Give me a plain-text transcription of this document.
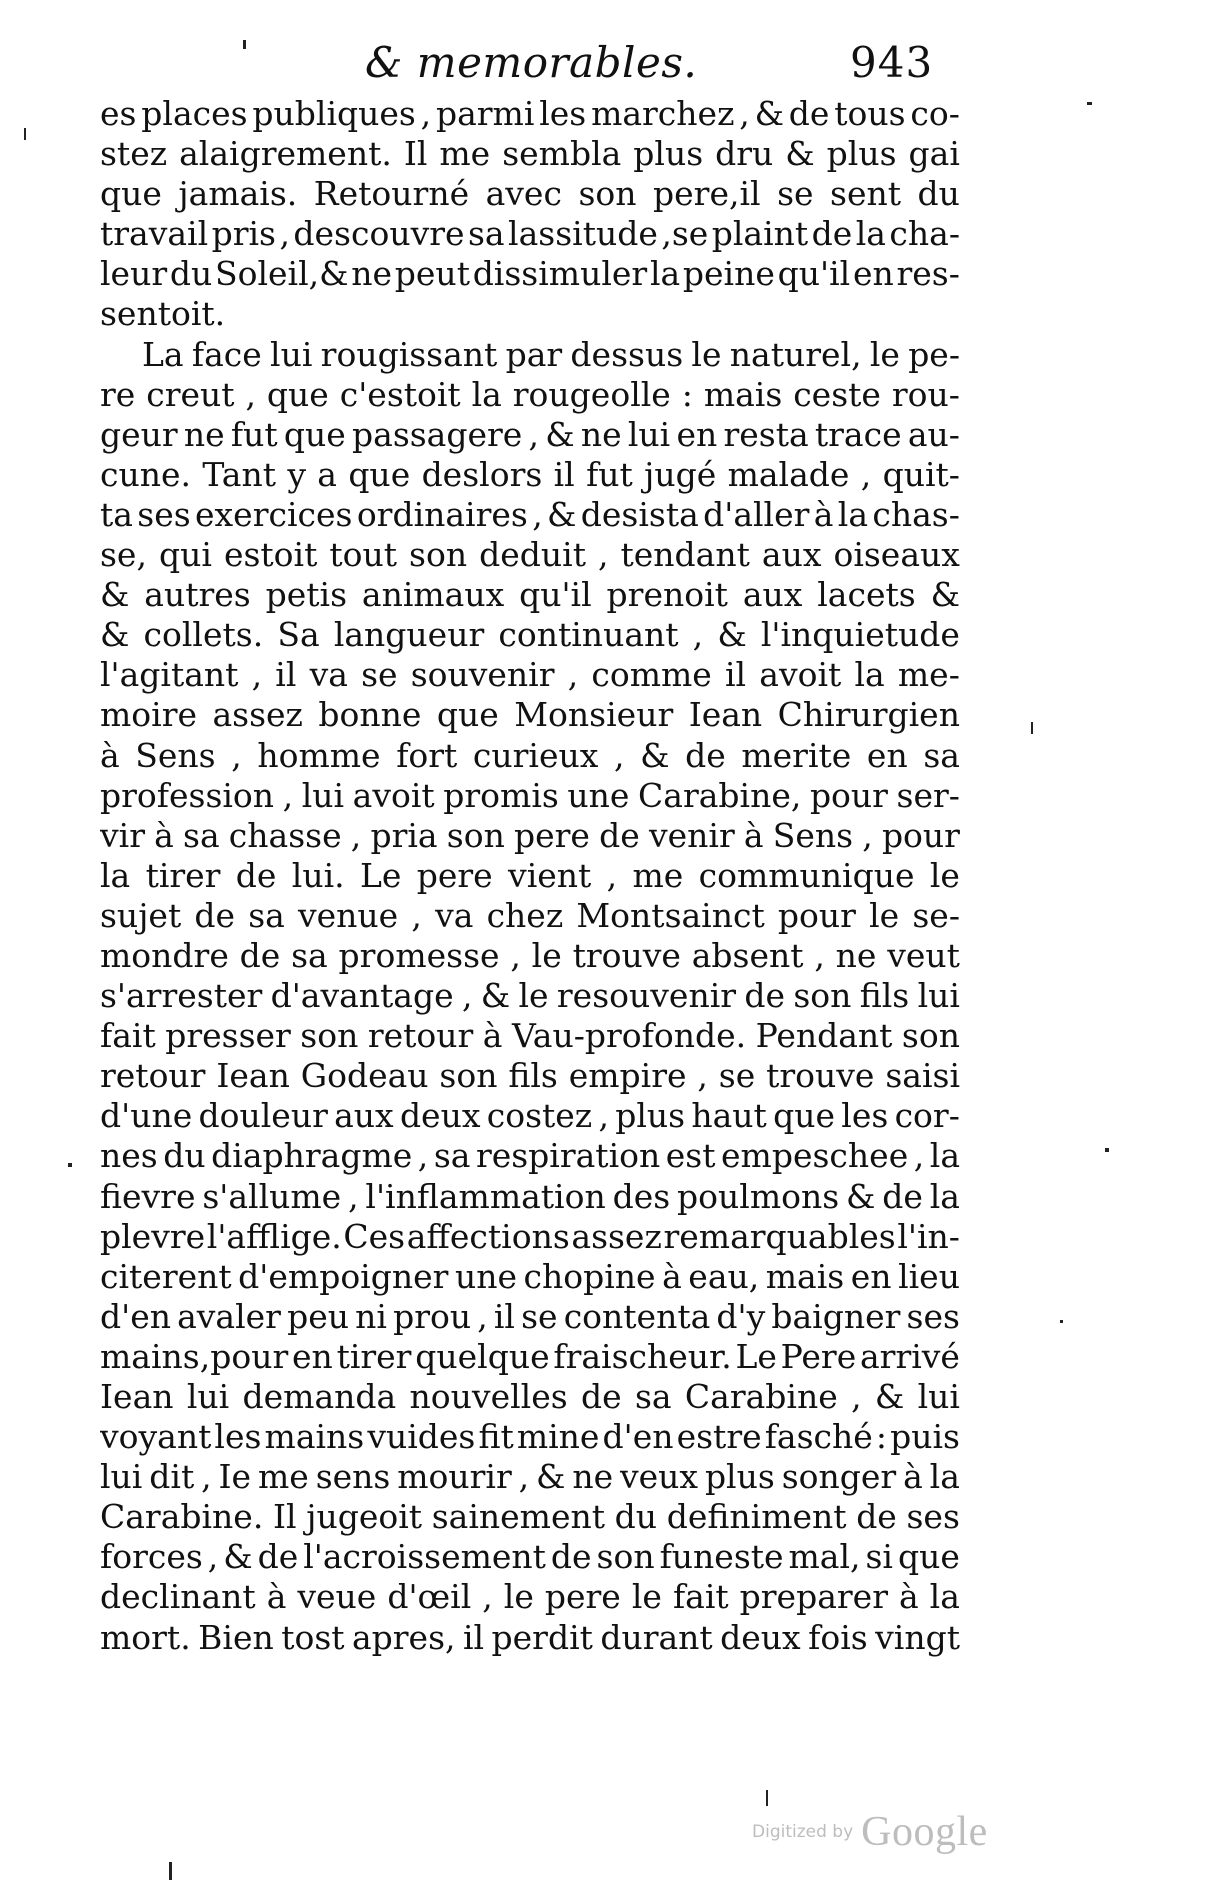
& memorables.	943
es places publiques , parmi les marchez , & de tous co-
stez alaigrement. Il me sembla plus dru & plus gai
que jamais. Retourné avec son pere,il se sent du
travail pris , descouvre sa lassitude ,se plaint de la cha-
leur du Soleil,& ne peut dissimuler la peine qu'il en res-
sentoit.
La face lui rougissant par dessus le naturel, le pe-
re creut , que c'estoit la rougeolle : mais ceste rou-
geur ne fut que passagere , & ne lui en resta trace au-
cune. Tant y a que deslors il fut jugé malade , quit-
ta ses exercices ordinaires , & desista d'aller à la chas-
se, qui estoit tout son deduit , tendant aux oiseaux
& autres petis animaux qu'il prenoit aux lacets &
& collets. Sa langueur continuant , & l'inquietude
l'agitant , il va se souvenir , comme il avoit la me-
moire assez bonne que Monsieur Iean Chirurgien
à Sens , homme fort curieux , & de merite en sa
profession , lui avoit promis une Carabine, pour ser-
vir à sa chasse , pria son pere de venir à Sens , pour
la tirer de lui. Le pere vient , me communique le
sujet de sa venue , va chez Montsainct pour le se-
mondre de sa promesse , le trouve absent , ne veut
s'arrester d'avantage , & le resouvenir de son fils lui
fait presser son retour à Vau-profonde. Pendant son
retour Iean Godeau son fils empire , se trouve saisi
d'une douleur aux deux costez , plus haut que les cor-
nes du diaphragme , sa respiration est empeschee , la
fievre s'allume , l'inflammation des poulmons & de la
plevre l'afflige. Ces affections assez remarquables l'in-
citerent d'empoigner une chopine à eau, mais en lieu
d'en avaler peu ni prou , il se contenta d'y baigner ses
mains,pour en tirer quelque fraischeur. Le Pere arrivé
Iean lui demanda nouvelles de sa Carabine , & lui
voyant les mains vuides fit mine d'en estre fasché : puis
lui dit , Ie me sens mourir , & ne veux plus songer à la
Carabine. Il jugeoit sainement du definiment de ses
forces , & de l'acroissement de son funeste mal, si que
declinant à veue d'œil , le pere le fait preparer à la
mort. Bien tost apres, il perdit durant deux fois vingt
Digitized by Google
